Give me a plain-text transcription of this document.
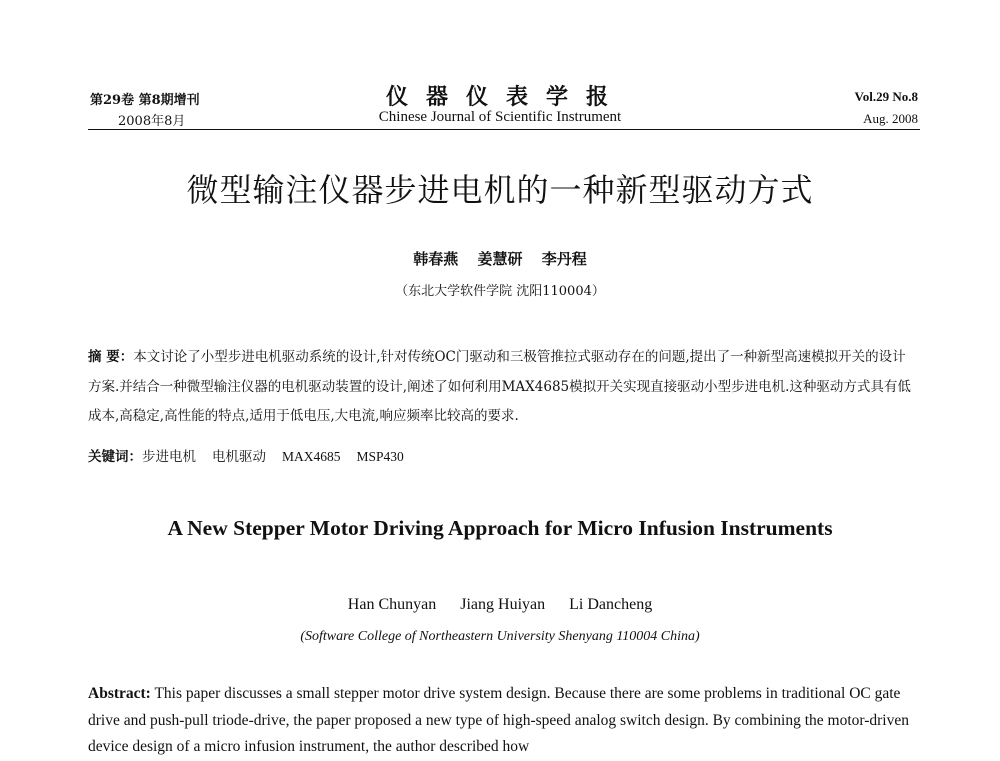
第29卷 第8期增刊
2008年8月
仪器仪表学报
Chinese Journal of Scientific Instrument
Vol.29 No.8
Aug. 2008
微型输注仪器步进电机的一种新型驱动方式
韩春燕 姜慧研 李丹程
（东北大学软件学院 沈阳110004）
摘 要：本文讨论了小型步进电机驱动系统的设计,针对传统OC门驱动和三极管推拉式驱动存在的问题,提出了一种新型高速模拟开关的设计方案.并结合一种微型输注仪器的电机驱动装置的设计,阐述了如何利用MAX4685模拟开关实现直接驱动小型步进电机.这种驱动方式具有低成本,高稳定,高性能的特点,适用于低电压,大电流,响应频率比较高的要求.
关键词：步进电机 电机驱动 MAX4685 MSP430
A New Stepper Motor Driving Approach for Micro Infusion Instruments
Han Chunyan Jiang Huiyan Li Dancheng
(Software College of Northeastern University Shenyang 110004 China)
Abstract: This paper discusses a small stepper motor drive system design. Because there are some problems in traditional OC gate drive and push-pull triode-drive, the paper proposed a new type of high-speed analog switch design. By combining the motor-driven device design of a micro infusion instrument, the author described how
